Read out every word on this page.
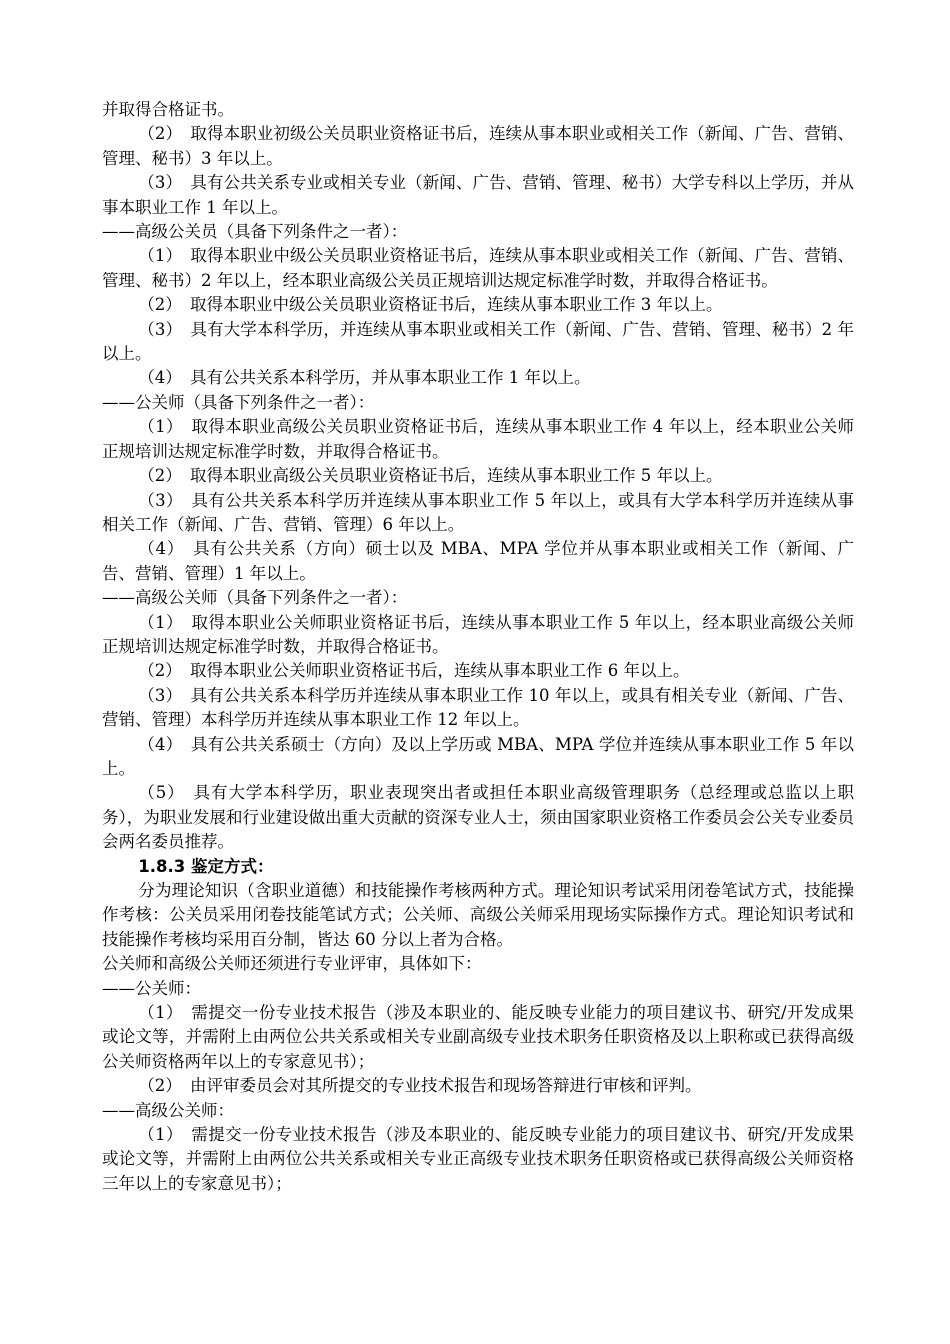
并取得合格证书。

（2）　取得本职业初级公关员职业资格证书后，连续从事本职业或相关工作（新闻、广告、营销、管理、秘书）3 年以上。

（3）　具有公共关系专业或相关专业（新闻、广告、营销、管理、秘书）大学专科以上学历，并从事本职业工作 1 年以上。

——高级公关员（具备下列条件之一者）：

（1）　取得本职业中级公关员职业资格证书后，连续从事本职业或相关工作（新闻、广告、营销、管理、秘书）2 年以上，经本职业高级公关员正规培训达规定标准学时数，并取得合格证书。

（2）　取得本职业中级公关员职业资格证书后，连续从事本职业工作 3 年以上。

（3）　具有大学本科学历，并连续从事本职业或相关工作（新闻、广告、营销、管理、秘书）2 年以上。

（4）　具有公共关系本科学历，并从事本职业工作 1 年以上。

——公关师（具备下列条件之一者）：

（1）　取得本职业高级公关员职业资格证书后，连续从事本职业工作 4 年以上，经本职业公关师正规培训达规定标准学时数，并取得合格证书。

（2）　取得本职业高级公关员职业资格证书后，连续从事本职业工作 5 年以上。

（3）　具有公共关系本科学历并连续从事本职业工作 5 年以上，或具有大学本科学历并连续从事相关工作（新闻、广告、营销、管理）6 年以上。

（4）　具有公共关系（方向）硕士以及 MBA、MPA 学位并从事本职业或相关工作（新闻、广告、营销、管理）1 年以上。

——高级公关师（具备下列条件之一者）：

（1）　取得本职业公关师职业资格证书后，连续从事本职业工作 5 年以上，经本职业高级公关师正规培训达规定标准学时数，并取得合格证书。

（2）　取得本职业公关师职业资格证书后，连续从事本职业工作 6 年以上。

（3）　具有公共关系本科学历并连续从事本职业工作 10 年以上，或具有相关专业（新闻、广告、营销、管理）本科学历并连续从事本职业工作 12 年以上。

（4）　具有公共关系硕士（方向）及以上学历或 MBA、MPA 学位并连续从事本职业工作 5 年以上。

（5）　具有大学本科学历，职业表现突出者或担任本职业高级管理职务（总经理或总监以上职务），为职业发展和行业建设做出重大贡献的资深专业人士，须由国家职业资格工作委员会公关专业委员会两名委员推荐。

1.8.3 鉴定方式：

分为理论知识（含职业道德）和技能操作考核两种方式。理论知识考试采用闭卷笔试方式，技能操作考核：公关员采用闭卷技能笔试方式；公关师、高级公关师采用现场实际操作方式。理论知识考试和技能操作考核均采用百分制，皆达 60 分以上者为合格。

公关师和高级公关师还须进行专业评审，具体如下：

——公关师：

（1）　需提交一份专业技术报告（涉及本职业的、能反映专业能力的项目建议书、研究/开发成果或论文等，并需附上由两位公共关系或相关专业副高级专业技术职务任职资格及以上职称或已获得高级公关师资格两年以上的专家意见书）；

（2）　由评审委员会对其所提交的专业技术报告和现场答辩进行审核和评判。

——高级公关师：

（1）　需提交一份专业技术报告（涉及本职业的、能反映专业能力的项目建议书、研究/开发成果或论文等，并需附上由两位公共关系或相关专业正高级专业技术职务任职资格或已获得高级公关师资格三年以上的专家意见书）；
